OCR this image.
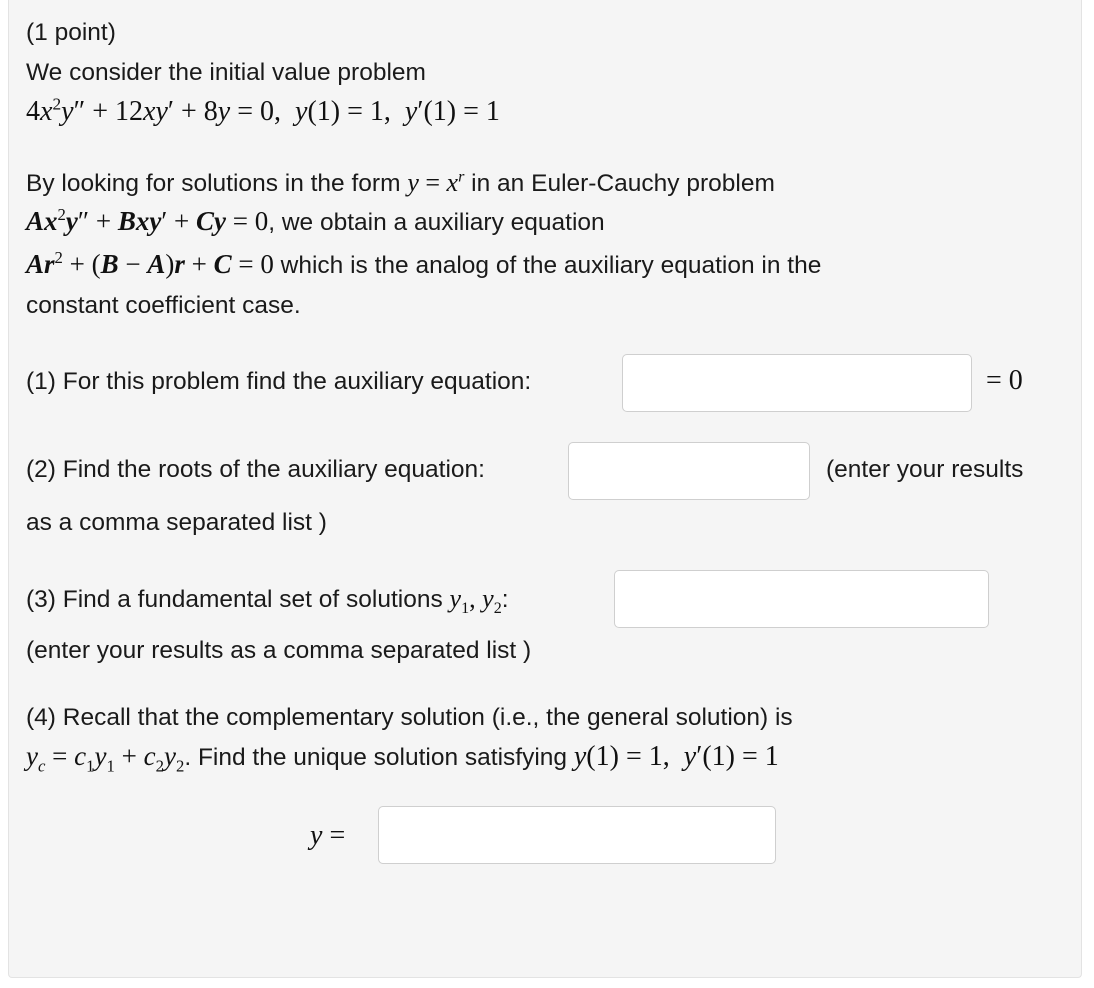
(1 point)
We consider the initial value problem
$4x^2y'' + 12xy' + 8y = 0$,  y(1) = 1,  y′(1) = 1
By looking for solutions in the form $y = x^r$ in an Euler-Cauchy problem
$Ax^2y'' + Bxy' + Cy = 0$, we obtain a auxiliary equation
$Ar^2 + (B - A)r + C = 0$ which is the analog of the auxiliary equation in the
constant coefficient case.
(1) For this problem find the auxiliary equation:	= 0
(2) Find the roots of the auxiliary equation:	(enter your results
as a comma separated list )
(3) Find a fundamental set of solutions $y_1$, $y_2$:
(enter your results as a comma separated list )
(4) Recall that the complementary solution (i.e., the general solution) is
$y_c = c_1y_1 + c_2y_2$. Find the unique solution satisfying y(1) = 1,  y′(1) = 1
y =
